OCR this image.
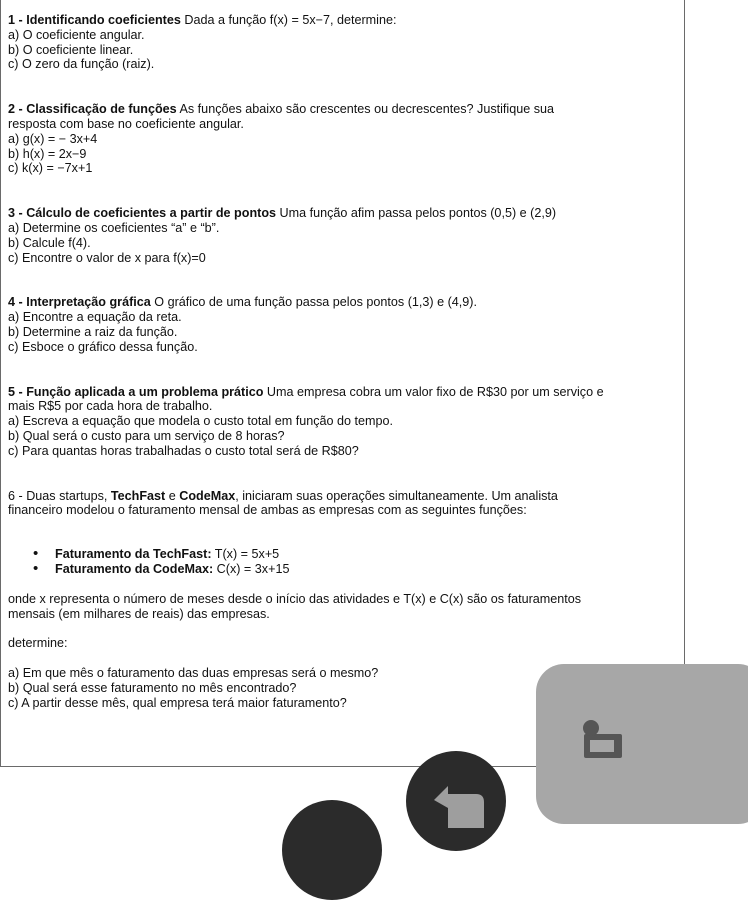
1 - Identificando coeficientes Dada a função f(x) = 5x−7, determine:

a) O coeficiente angular.

b) O coeficiente linear.

c) O zero da função (raiz).

2 - Classificação de funções As funções abaixo são crescentes ou decrescentes? Justifique sua

resposta com base no coeficiente angular.

a) g(x) = − 3x+4

b) h(x) = 2x−9

c) k(x) = −7x+1

3 - Cálculo de coeficientes a partir de pontos Uma função afim passa pelos pontos (0,5) e (2,9)

a) Determine os coeficientes “a” e “b”.

b) Calcule f(4).

c) Encontre o valor de x para f(x)=0

4 - Interpretação gráfica O gráfico de uma função passa pelos pontos (1,3) e (4,9).

a) Encontre a equação da reta.

b) Determine a raiz da função.

c) Esboce o gráfico dessa função.

5 - Função aplicada a um problema prático Uma empresa cobra um valor fixo de R$30 por um serviço e

mais R$5 por cada hora de trabalho.

a) Escreva a equação que modela o custo total em função do tempo.

b) Qual será o custo para um serviço de 8 horas?

c) Para quantas horas trabalhadas o custo total será de R$80?

6 - Duas startups, TechFast e CodeMax, iniciaram suas operações simultaneamente. Um analista

financeiro modelou o faturamento mensal de ambas as empresas com as seguintes funções:

• Faturamento da TechFast: T(x) = 5x+5
• Faturamento da CodeMax: C(x) = 3x+15

onde x representa o número de meses desde o início das atividades e T(x) e C(x) são os faturamentos

mensais (em milhares de reais) das empresas.

determine:

a) Em que mês o faturamento das duas empresas será o mesmo?

b) Qual será esse faturamento no mês encontrado?

c) A partir desse mês, qual empresa terá maior faturamento?
